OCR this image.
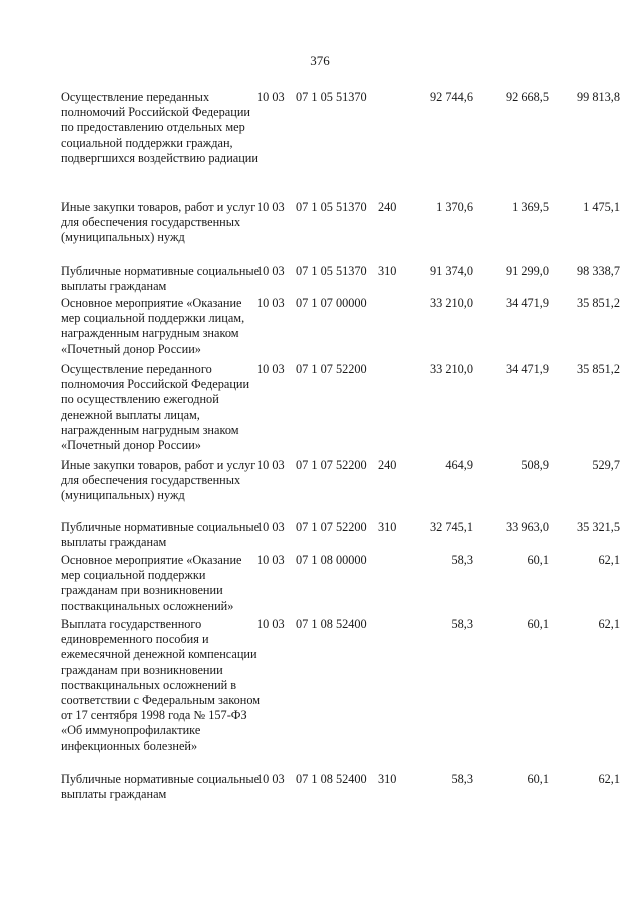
376
Осуществление переданных полномочий Российской Федерации по предоставлению отдельных мер социальной поддержки граждан, подвергшихся воздействию радиации
10 03 07 1 05 51370	92 744,6	92 668,5 99 813,8
Иные закупки товаров, работ и услуг для обеспечения государственных (муниципальных) нужд
10 03 07 1 05 51370 240	1 370,6	1 369,5	1 475,1
Публичные нормативные социальные выплаты гражданам
10 03 07 1 05 51370 310	91 374,0	91 299,0 98 338,7
Основное мероприятие «Оказание мер социальной поддержки лицам, награжденным нагрудным знаком «Почетный донор России»
10 03 07 1 07 00000	33 210,0	34 471,9 35 851,2
Осуществление переданного полномочия Российской Федерации по осуществлению ежегодной денежной выплаты лицам, награжденным нагрудным знаком «Почетный донор России»
10 03 07 1 07 52200	33 210,0	34 471,9 35 851,2
Иные закупки товаров, работ и услуг для обеспечения государственных (муниципальных) нужд
10 03 07 1 07 52200 240	464,9	508,9	529,7
Публичные нормативные социальные выплаты гражданам
10 03 07 1 07 52200 310	32 745,1	33 963,0 35 321,5
Основное мероприятие «Оказание мер социальной поддержки гражданам при возникновении поствакцинальных осложнений»
10 03 07 1 08 00000	58,3	60,1	62,1
Выплата государственного единовременного пособия и ежемесячной денежной компенсации гражданам при возникновении поствакцинальных осложнений в соответствии с Федеральным законом от 17 сентября 1998 года № 157-ФЗ «Об иммунопрофилактике инфекционных болезней»
10 03 07 1 08 52400	58,3	60,1	62,1
Публичные нормативные социальные выплаты гражданам
10 03 07 1 08 52400 310	58,3	60,1	62,1
